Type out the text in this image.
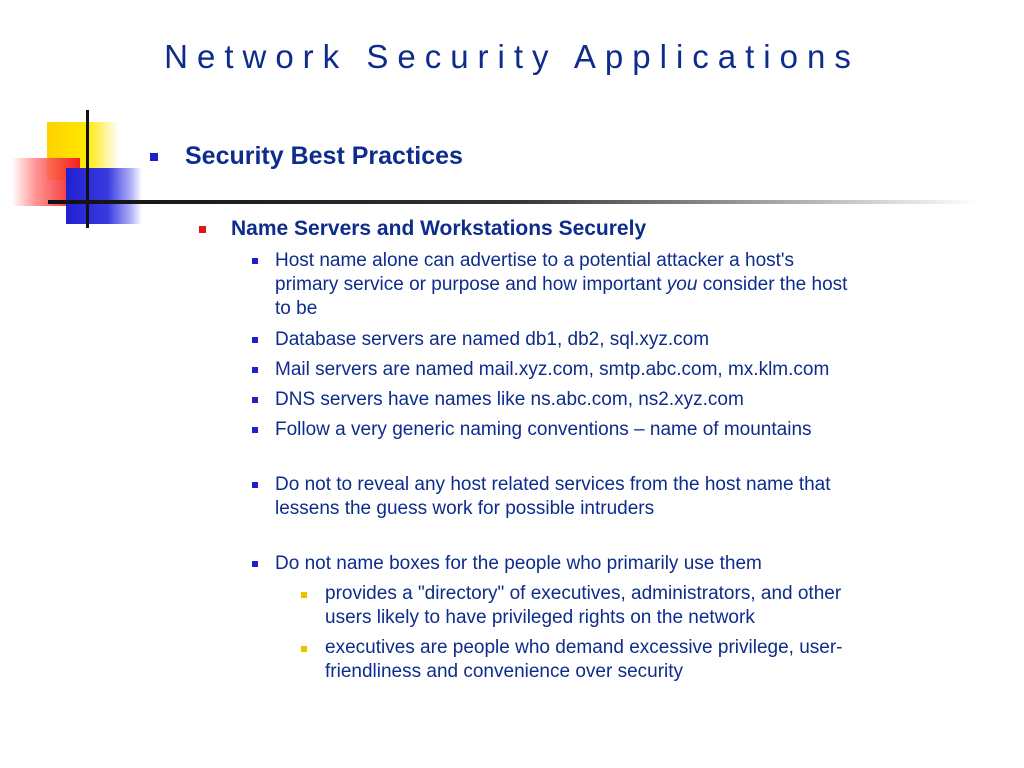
Network Security Applications
Security Best Practices
Name Servers and Workstations Securely
Host name alone can advertise to a potential attacker a host's
primary service or purpose and how important you consider the host
to be
Database servers are named db1, db2, sql.xyz.com
Mail servers are named mail.xyz.com, smtp.abc.com, mx.klm.com
DNS servers have names like ns.abc.com, ns2.xyz.com
Follow a very generic naming conventions – name of mountains
Do not to reveal any host related services from the host name that
lessens the guess work for possible intruders
Do not name boxes for the people who primarily use them
provides a "directory" of executives, administrators, and other
users likely to have privileged rights on the network
executives are people who demand excessive privilege, user-
friendliness and convenience over security
